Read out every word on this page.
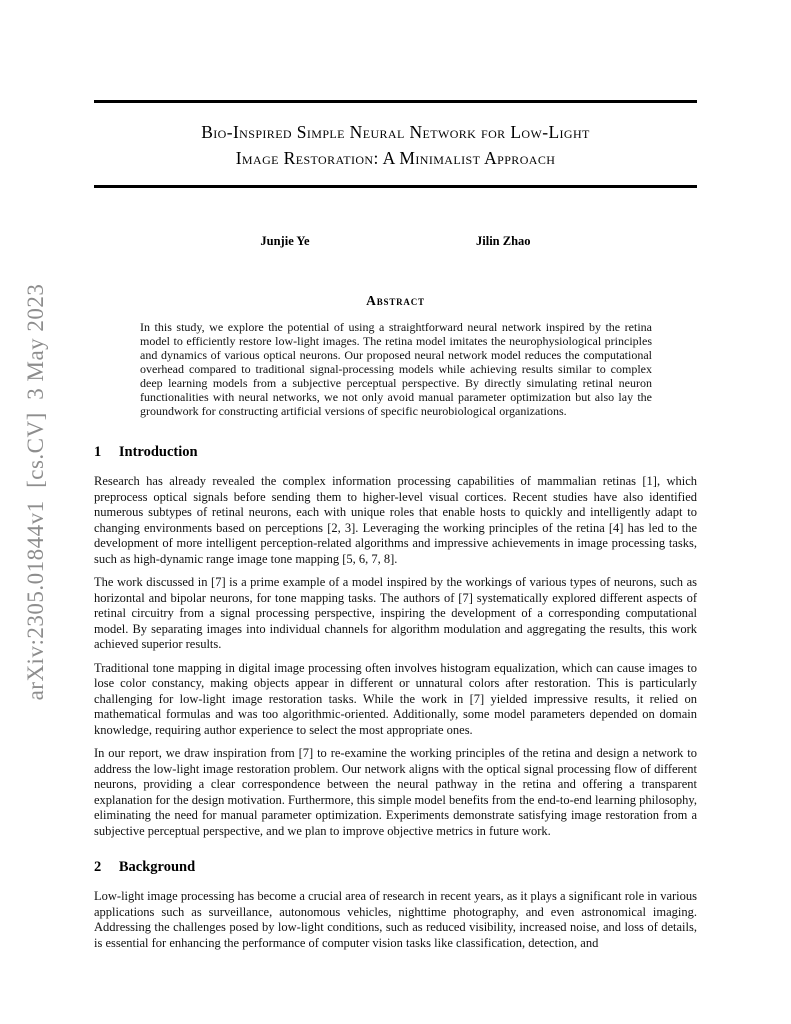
arXiv:2305.01844v1  [cs.CV]  3 May 2023
Bio-Inspired Simple Neural Network for Low-Light
Image Restoration: A Minimalist Approach
Junjie Ye	Jilin Zhao
Abstract

In this study, we explore the potential of using a straightforward neural network inspired by the retina model to efficiently restore low-light images. The retina model imitates the neurophysiological principles and dynamics of various optical neurons. Our proposed neural network model reduces the computational overhead compared to traditional signal-processing models while achieving results similar to complex deep learning models from a subjective perceptual perspective. By directly simulating retinal neuron functionalities with neural networks, we not only avoid manual parameter optimization but also lay the groundwork for constructing artificial versions of specific neurobiological organizations.

1 Introduction

Research has already revealed the complex information processing capabilities of mammalian retinas [1], which preprocess optical signals before sending them to higher-level visual cortices. Recent studies have also identified numerous subtypes of retinal neurons, each with unique roles that enable hosts to quickly and intelligently adapt to changing environments based on perceptions [2, 3]. Leveraging the working principles of the retina [4] has led to the development of more intelligent perception-related algorithms and impressive achievements in image processing tasks, such as high-dynamic range image tone mapping [5, 6, 7, 8].

The work discussed in [7] is a prime example of a model inspired by the workings of various types of neurons, such as horizontal and bipolar neurons, for tone mapping tasks. The authors of [7] systematically explored different aspects of retinal circuitry from a signal processing perspective, inspiring the development of a corresponding computational model. By separating images into individual channels for algorithm modulation and aggregating the results, this work achieved superior results.

Traditional tone mapping in digital image processing often involves histogram equalization, which can cause images to lose color constancy, making objects appear in different or unnatural colors after restoration. This is particularly challenging for low-light image restoration tasks. While the work in [7] yielded impressive results, it relied on mathematical formulas and was too algorithmic-oriented. Additionally, some model parameters depended on domain knowledge, requiring author experience to select the most appropriate ones.

In our report, we draw inspiration from [7] to re-examine the working principles of the retina and design a network to address the low-light image restoration problem. Our network aligns with the optical signal processing flow of different neurons, providing a clear correspondence between the neural pathway in the retina and offering a transparent explanation for the design motivation. Furthermore, this simple model benefits from the end-to-end learning philosophy, eliminating the need for manual parameter optimization. Experiments demonstrate satisfying image restoration from a subjective perceptual perspective, and we plan to improve objective metrics in future work.

2 Background

Low-light image processing has become a crucial area of research in recent years, as it plays a significant role in various applications such as surveillance, autonomous vehicles, nighttime photography, and even astronomical imaging. Addressing the challenges posed by low-light conditions, such as reduced visibility, increased noise, and loss of details, is essential for enhancing the performance of computer vision tasks like classification, detection, and
